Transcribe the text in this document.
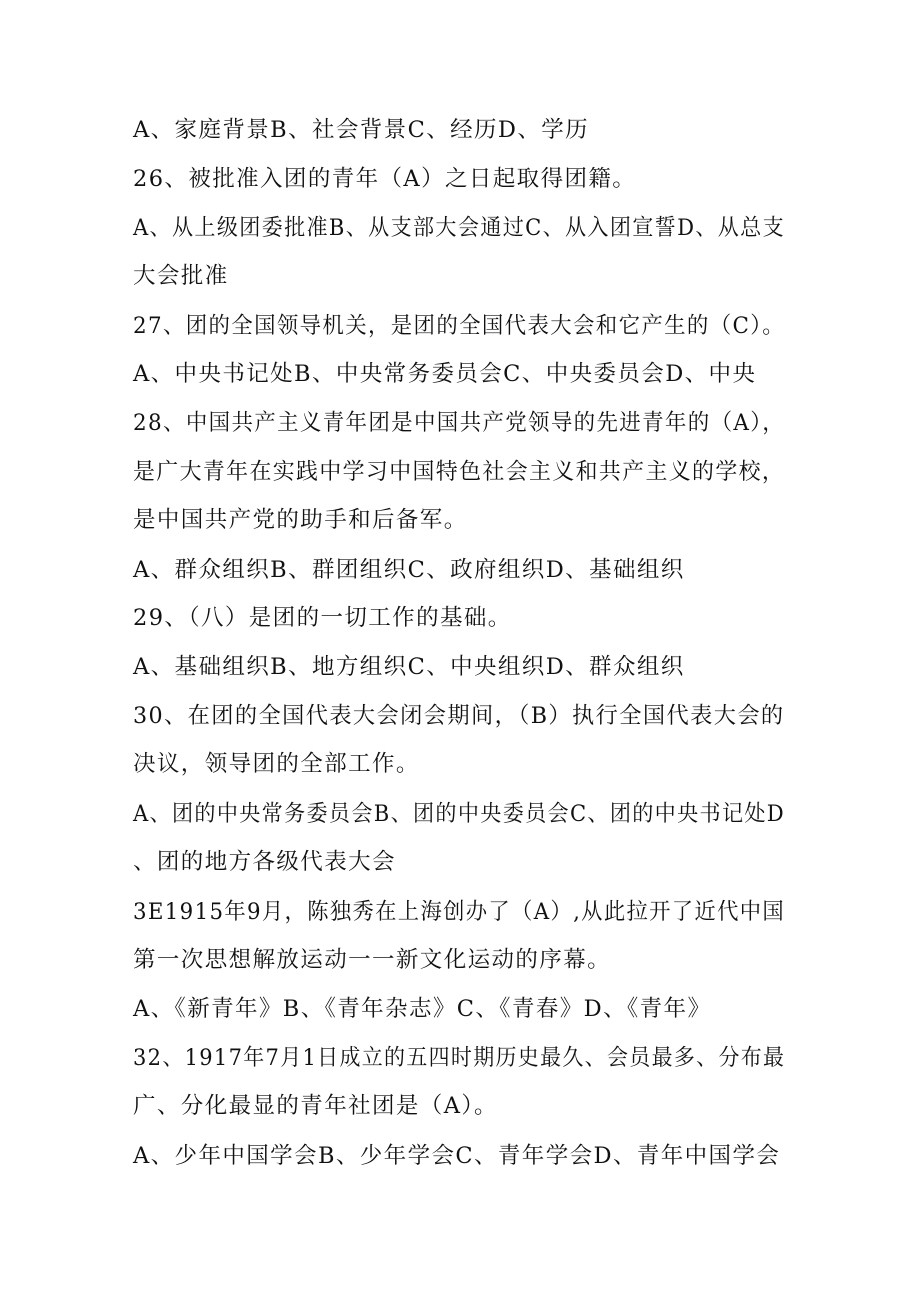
A、家庭背景B、社会背景C、经历D、学历
26、被批准入团的青年（A）之日起取得团籍。
A、从上级团委批准B、从支部大会通过C、从入团宣誓D、从总支
大会批准
27、团的全国领导机关，是团的全国代表大会和它产生的（C）。
A、中央书记处B、中央常务委员会C、中央委员会D、中央
28、中国共产主义青年团是中国共产党领导的先进青年的（A），
是广大青年在实践中学习中国特色社会主义和共产主义的学校，
是中国共产党的助手和后备军。
A、群众组织B、群团组织C、政府组织D、基础组织
29、（八）是团的一切工作的基础。
A、基础组织B、地方组织C、中央组织D、群众组织
30、在团的全国代表大会闭会期间，（B）执行全国代表大会的
决议，领导团的全部工作。
A、团的中央常务委员会B、团的中央委员会C、团的中央书记处D
、团的地方各级代表大会
3E1915年9月，陈独秀在上海创办了（A）,从此拉开了近代中国
第一次思想解放运动一一新文化运动的序幕。
A、《新青年》B、《青年杂志》C、《青春》D、《青年》
32、1917年7月1日成立的五四时期历史最久、会员最多、分布最
广、分化最显的青年社团是（A）。
A、少年中国学会B、少年学会C、青年学会D、青年中国学会
